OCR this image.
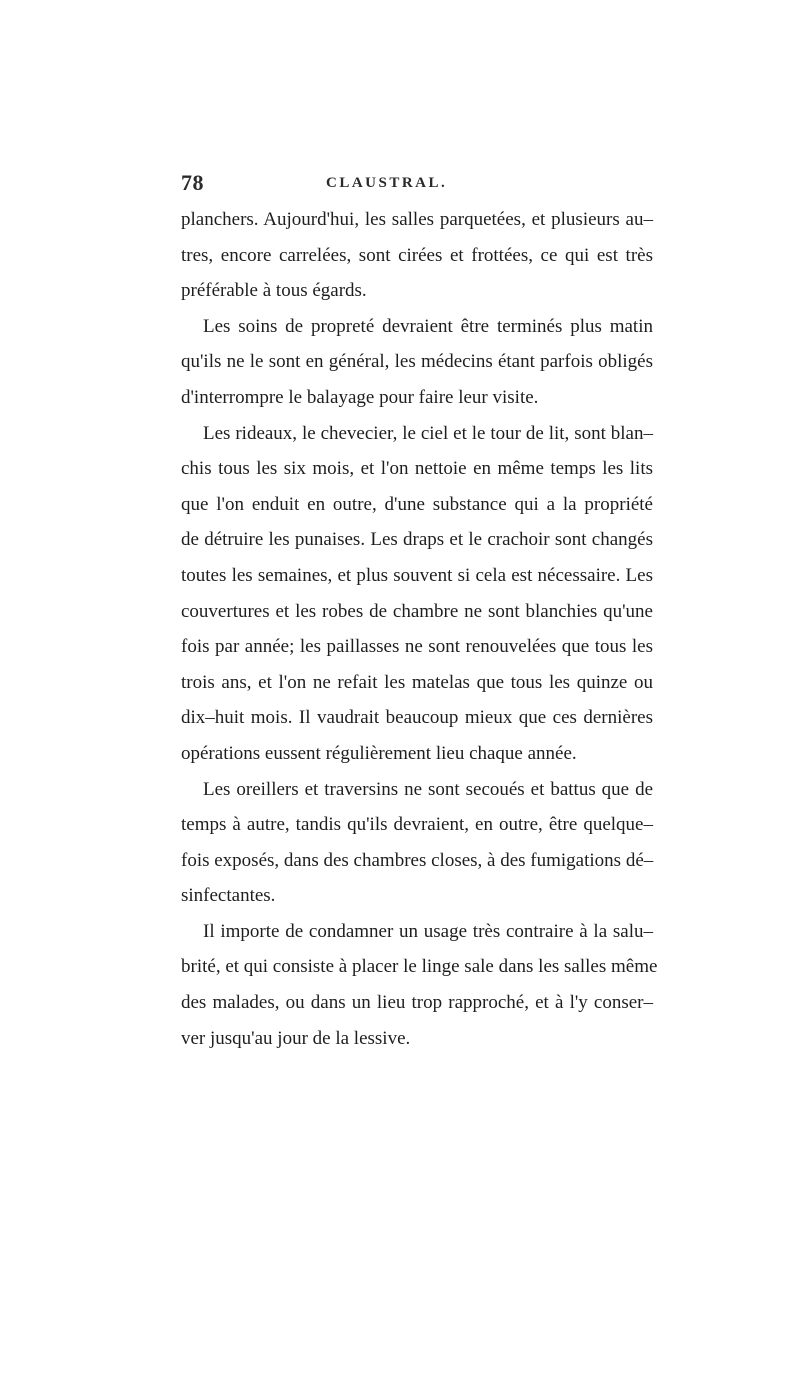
78	CLAUSTRAL.
planchers. Aujourd'hui, les salles parquetées, et plusieurs au–
tres, encore carrelées, sont cirées et frottées, ce qui est très
préférable à tous égards.
Les soins de propreté devraient être terminés plus matin
qu'ils ne le sont en général, les médecins étant parfois obligés
d'interrompre le balayage pour faire leur visite.
Les rideaux, le chevecier, le ciel et le tour de lit, sont blan–
chis tous les six mois, et l'on nettoie en même temps les lits
que l'on enduit en outre, d'une substance qui a la propriété
de détruire les punaises. Les draps et le crachoir sont changés
toutes les semaines, et plus souvent si cela est nécessaire. Les
couvertures et les robes de chambre ne sont blanchies qu'une
fois par année; les paillasses ne sont renouvelées que tous les
trois ans, et l'on ne refait les matelas que tous les quinze ou
dix–huit mois. Il vaudrait beaucoup mieux que ces dernières
opérations eussent régulièrement lieu chaque année.
Les oreillers et traversins ne sont secoués et battus que de
temps à autre, tandis qu'ils devraient, en outre, être quelque–
fois exposés, dans des chambres closes, à des fumigations dé–
sinfectantes.
Il importe de condamner un usage très contraire à la salu–
brité, et qui consiste à placer le linge sale dans les salles même
des malades, ou dans un lieu trop rapproché, et à l'y conser–
ver jusqu'au jour de la lessive.
